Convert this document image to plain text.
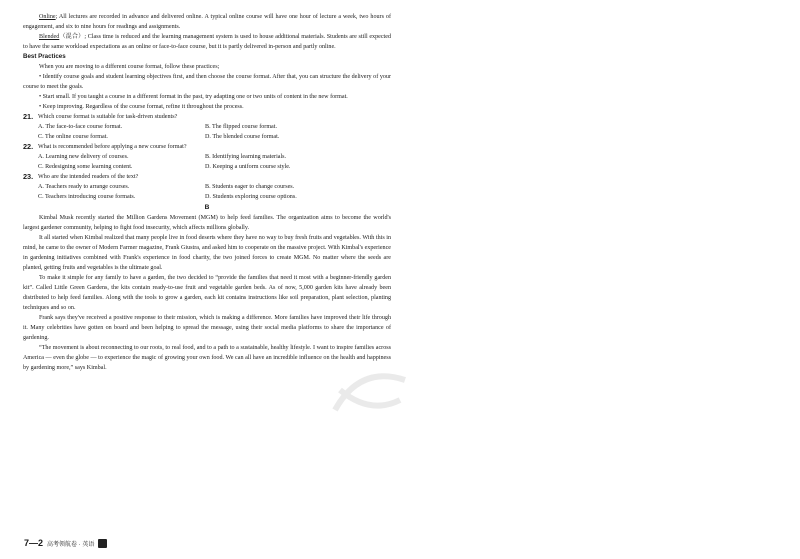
Online; All lectures are recorded in advance and delivered online. A typical online course will have one hour of lecture a week, two hours of engagement, and six to nine hours for readings and assignments.

Blended（混合）; Class time is reduced and the learning management system is used to house additional materials. Students are still expected to have the same workload expectations as an online or face-to-face course, but it is partly delivered in-person and partly online.

Best Practices

When you are moving to a different course format, follow these practices;

• Identify course goals and student learning objectives first, and then choose the course format. After that, you can structure the delivery of your course to meet the goals.

• Start small. If you taught a course in a different format in the past, try adapting one or two units of content in the new format.

• Keep improving. Regardless of the course format, refine it throughout the process.

21. Which course format is suitable for task-driven students?
A. The face-to-face course format.	B. The flipped course format.
C. The online course format.	D. The blended course format.
22. What is recommended before applying a new course format?
A. Learning new delivery of courses.	B. Identifying learning materials.
C. Redesigning some learning content.	D. Keeping a uniform course style.
23. Who are the intended readers of the text?
A. Teachers ready to arrange courses.	B. Students eager to change courses.
C. Teachers introducing course formats.	D. Students exploring course options.
B

Kimbal Musk recently started the Million Gardens Movement (MGM) to help feed families. The organization aims to become the world's largest gardener community, helping to fight food insecurity, which affects millions globally.

It all started when Kimbal realized that many people live in food deserts where they have no way to buy fresh fruits and vegetables. With this in mind, he came to the owner of Modern Farmer magazine, Frank Giustra, and asked him to cooperate on the massive project. With Kimbal's experience in gardening initiatives combined with Frank's experience in food charity, the two joined forces to create MGM. No matter where the seeds are planted, getting fruits and vegetables is the ultimate goal.

To make it simple for any family to have a garden, the two decided to “provide the families that need it most with a beginner-friendly garden kit”. Called Little Green Gardens, the kits contain ready-to-use fruit and vegetable garden beds. As of now, 5,000 garden kits have already been distributed to help feed families. Along with the tools to grow a garden, each kit contains instructions like soil preparation, plant selection, planting techniques and so on.

Frank says they've received a positive response to their mission, which is making a difference. More families have improved their life through it. Many celebrities have gotten on board and been helping to spread the message, using their social media platforms to share the importance of gardening.

“The movement is about reconnecting to our roots, to real food, and to a path to a sustainable, healthy lifestyle. I want to inspire families across America — even the globe — to experience the magic of growing your own food. We can all have an incredible influence on the health and happiness by gardening more,” says Kimbal.

7—2 高考领航卷 · 英语
